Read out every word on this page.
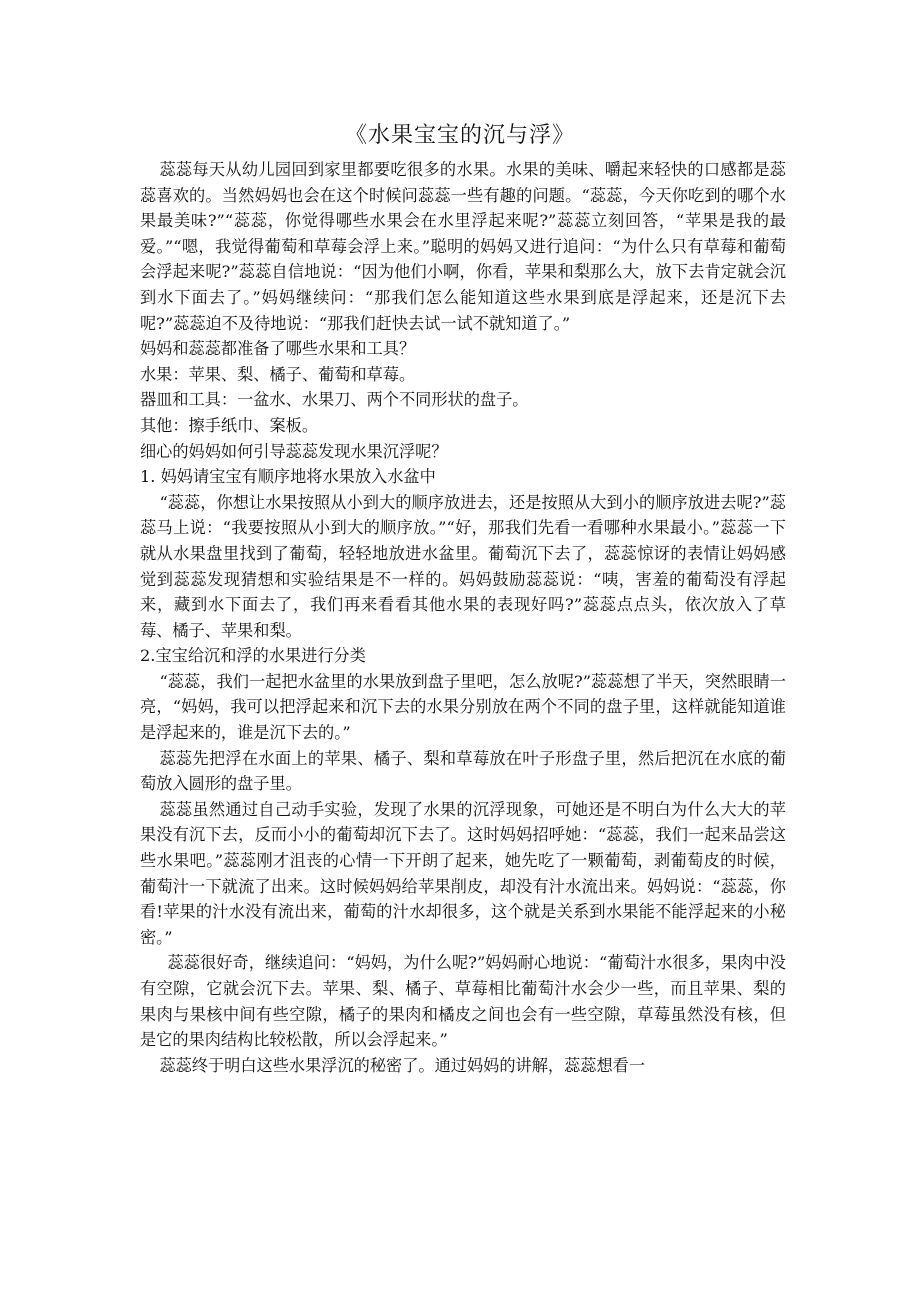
《水果宝宝的沉与浮》

蕊蕊每天从幼儿园回到家里都要吃很多的水果。水果的美味、嚼起来轻快的口感都是蕊蕊喜欢的。当然妈妈也会在这个时候问蕊蕊一些有趣的问题。“蕊蕊，今天你吃到的哪个水果最美味?”“蕊蕊，你觉得哪些水果会在水里浮起来呢?”蕊蕊立刻回答，“苹果是我的最爱。”“嗯，我觉得葡萄和草莓会浮上来。”聪明的妈妈又进行追问：“为什么只有草莓和葡萄会浮起来呢?”蕊蕊自信地说：“因为他们小啊，你看，苹果和梨那么大，放下去肯定就会沉到水下面去了。”妈妈继续问：“那我们怎么能知道这些水果到底是浮起来，还是沉下去呢?”蕊蕊迫不及待地说：“那我们赶快去试一试不就知道了。”

妈妈和蕊蕊都准备了哪些水果和工具？

水果：苹果、梨、橘子、葡萄和草莓。

器皿和工具：一盆水、水果刀、两个不同形状的盘子。

其他：擦手纸巾、案板。

细心的妈妈如何引导蕊蕊发现水果沉浮呢？

1. 妈妈请宝宝有顺序地将水果放入水盆中

“蕊蕊，你想让水果按照从小到大的顺序放进去，还是按照从大到小的顺序放进去呢?”蕊蕊马上说：“我要按照从小到大的顺序放。”“好，那我们先看一看哪种水果最小。”蕊蕊一下就从水果盘里找到了葡萄，轻轻地放进水盆里。葡萄沉下去了，蕊蕊惊讶的表情让妈妈感觉到蕊蕊发现猜想和实验结果是不一样的。妈妈鼓励蕊蕊说：“咦，害羞的葡萄没有浮起来，藏到水下面去了，我们再来看看其他水果的表现好吗?”蕊蕊点点头，依次放入了草莓、橘子、苹果和梨。

2.宝宝给沉和浮的水果进行分类

“蕊蕊，我们一起把水盆里的水果放到盘子里吧，怎么放呢?”蕊蕊想了半天，突然眼睛一亮，“妈妈，我可以把浮起来和沉下去的水果分别放在两个不同的盘子里，这样就能知道谁是浮起来的，谁是沉下去的。”

蕊蕊先把浮在水面上的苹果、橘子、梨和草莓放在叶子形盘子里，然后把沉在水底的葡萄放入圆形的盘子里。

蕊蕊虽然通过自己动手实验，发现了水果的沉浮现象，可她还是不明白为什么大大的苹果没有沉下去，反而小小的葡萄却沉下去了。这时妈妈招呼她：“蕊蕊，我们一起来品尝这些水果吧。”蕊蕊刚才沮丧的心情一下开朗了起来，她先吃了一颗葡萄，剥葡萄皮的时候，葡萄汁一下就流了出来。这时候妈妈给苹果削皮，却没有汁水流出来。妈妈说：“蕊蕊，你看!苹果的汁水没有流出来，葡萄的汁水却很多，这个就是关系到水果能不能浮起来的小秘密。”

蕊蕊很好奇，继续追问：“妈妈，为什么呢?”妈妈耐心地说：“葡萄汁水很多，果肉中没有空隙，它就会沉下去。苹果、梨、橘子、草莓相比葡萄汁水会少一些，而且苹果、梨的果肉与果核中间有些空隙，橘子的果肉和橘皮之间也会有一些空隙，草莓虽然没有核，但是它的果肉结构比较松散，所以会浮起来。”

蕊蕊终于明白这些水果浮沉的秘密了。通过妈妈的讲解，蕊蕊想看一
